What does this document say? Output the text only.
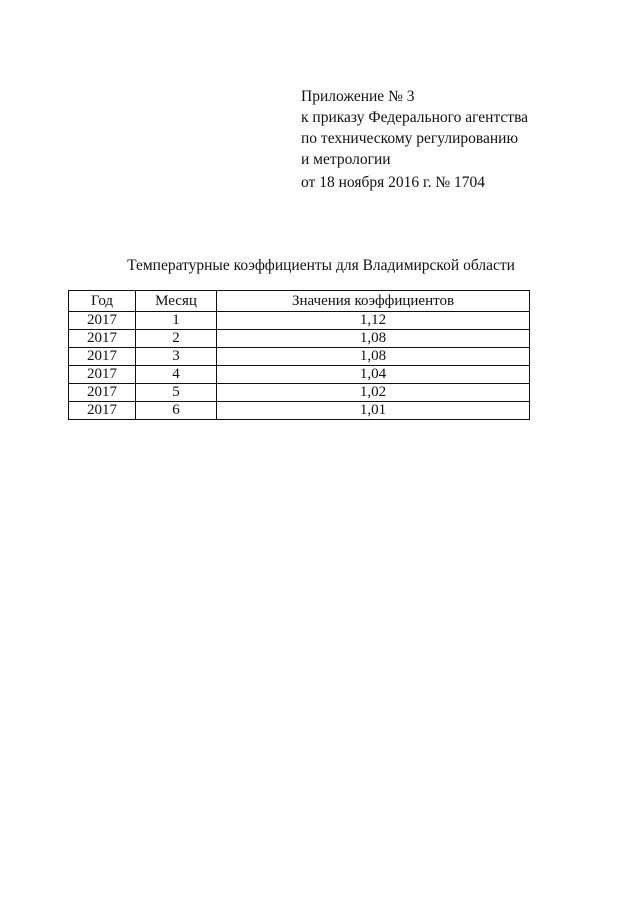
Приложение № 3
к приказу Федерального агентства
по техническому регулированию
и метрологии
от 18 ноября 2016 г. № 1704
Температурные коэффициенты для Владимирской области
Год	Месяц	Значения коэффициентов
2017	1	1,12
2017	2	1,08
2017	3	1,08
2017	4	1,04
2017	5	1,02
2017	6	1,01
